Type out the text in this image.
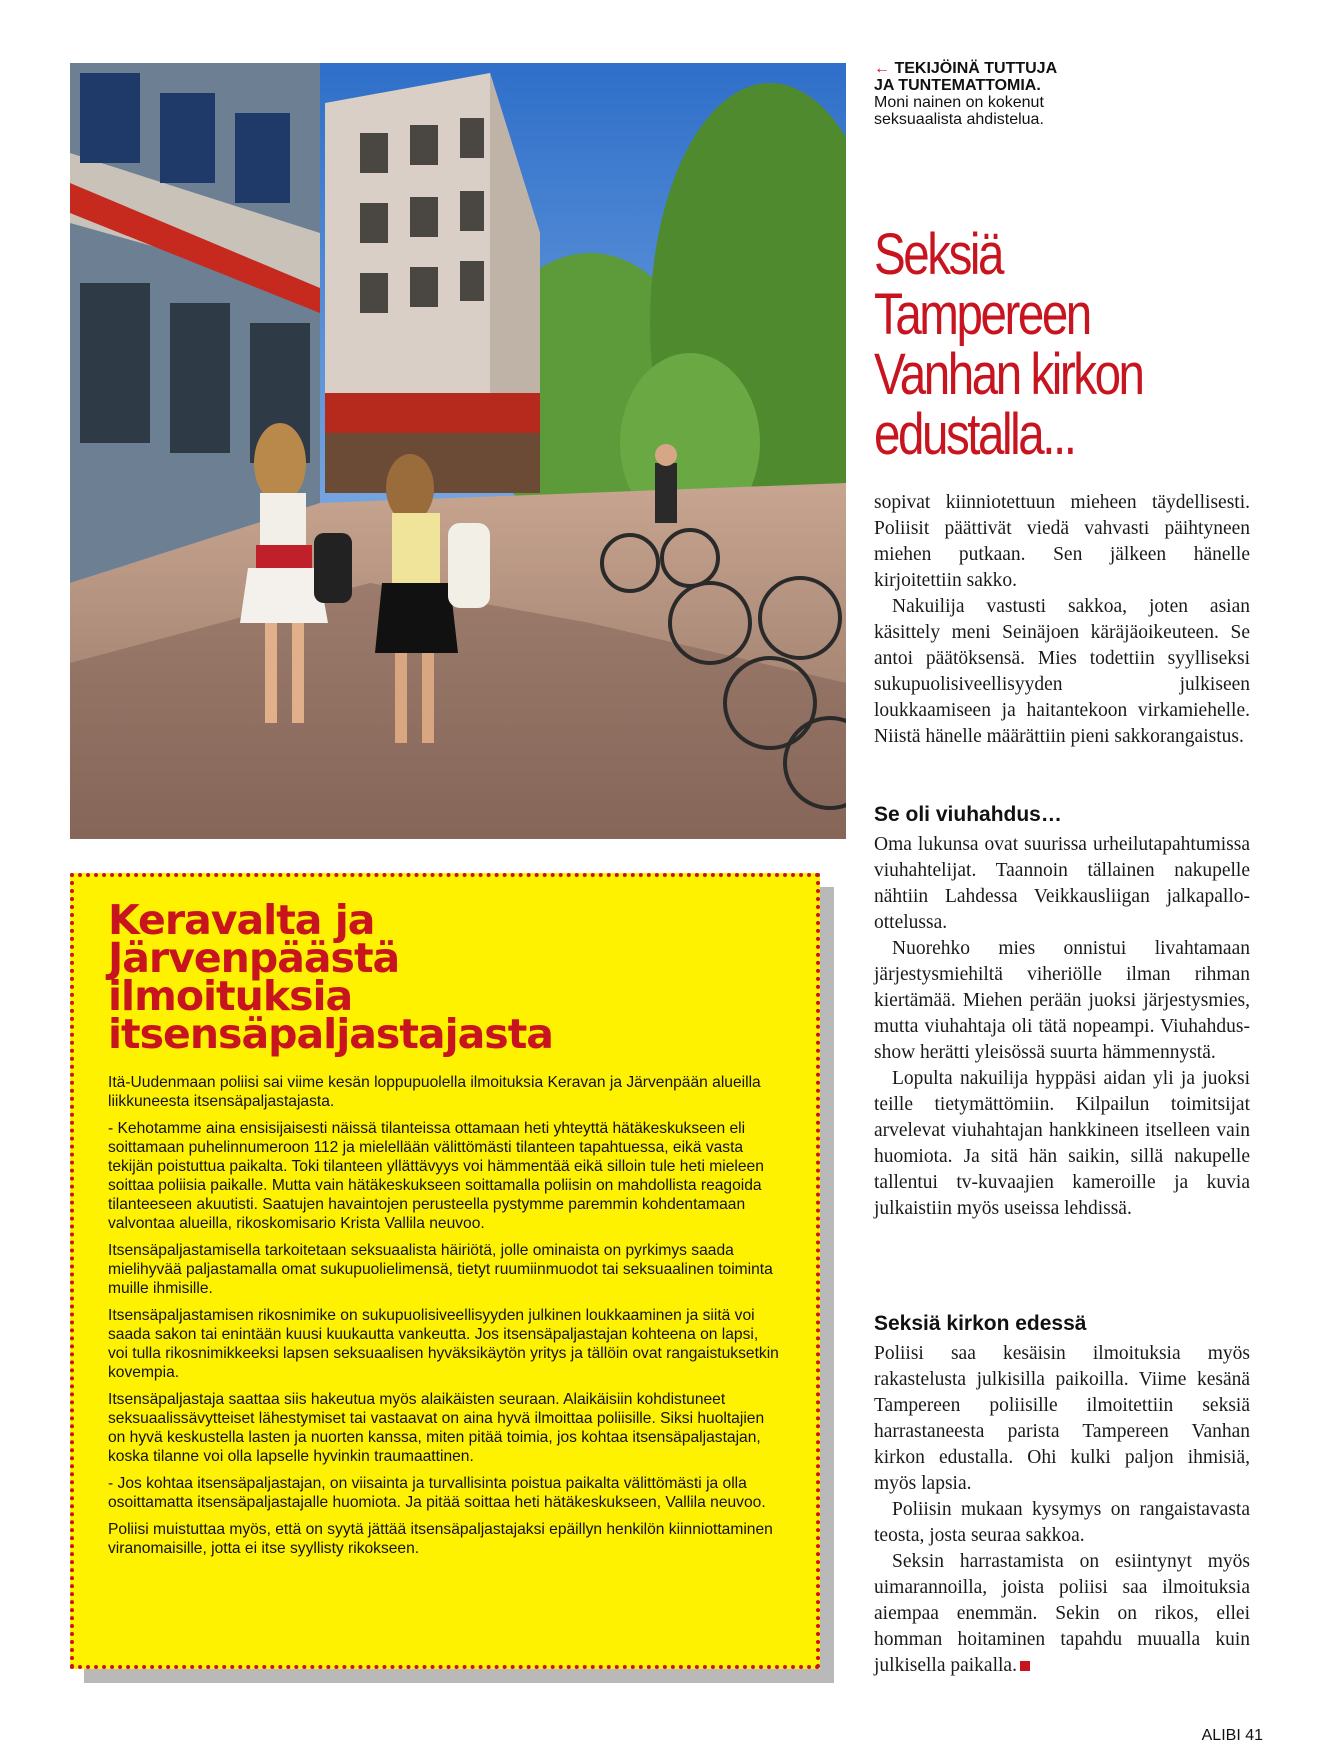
← TEKIJÖINÄ TUTTUJA
JA TUNTEMATTOMIA.
Moni nainen on kokenut
seksuaalista ahdistelua.
Seksiä
Tampereen
Vanhan kirkon
edustalla...

sopivat kiinniotettuun mieheen täydellisesti. Poliisit päättivät viedä vahvasti päihtyneen miehen putkaan. Sen jälkeen hänelle kirjoitettiin sakko.

Nakuilija vastusti sakkoa, joten asian käsittely meni Seinäjoen käräjäoikeuteen. Se antoi päätöksensä. Mies todettiin syylliseksi sukupuolisiveellisyyden julkiseen loukkaamiseen ja haitantekoon virkamiehelle. Niistä hänelle määrättiin pieni sakkorangaistus.

Se oli viuhahdus…

Oma lukunsa ovat suurissa urheilutapahtumissa viuhahtelijat. Taannoin tällainen nakupelle nähtiin Lahdessa Veikkausliigan jalkapallo-ottelussa.

Nuorehko mies onnistui livahtamaan järjestysmiehiltä viheriölle ilman rihman kiertämää. Miehen perään juoksi järjestysmies, mutta viuhahtaja oli tätä nopeampi. Viuhahdus-show herätti yleisössä suurta hämmennystä.

Lopulta nakuilija hyppäsi aidan yli ja juoksi teille tietymättömiin. Kilpailun toimitsijat arvelevat viuhahtajan hankkineen itselleen vain huomiota. Ja sitä hän saikin, sillä nakupelle tallentui tv-kuvaajien kameroille ja kuvia julkaistiin myös useissa lehdissä.

Seksiä kirkon edessä

Poliisi saa kesäisin ilmoituksia myös rakastelusta julkisilla paikoilla. Viime kesänä Tampereen poliisille ilmoitettiin seksiä harrastaneesta parista Tampereen Vanhan kirkon edustalla. Ohi kulki paljon ihmisiä, myös lapsia.

Poliisin mukaan kysymys on rangaistavasta teosta, josta seuraa sakkoa.

Seksin harrastamista on esiintynyt myös uimarannoilla, joista poliisi saa ilmoituksia aiempaa enemmän. Sekin on rikos, ellei homman hoitaminen tapahdu muualla kuin julkisella paikalla.

Keravalta ja
Järvenpäästä
ilmoituksia
itsensäpaljastajasta

Itä-Uudenmaan poliisi sai viime kesän loppupuolella ilmoituksia Keravan ja Järvenpään alueilla liikkuneesta itsensäpaljastajasta.

- Kehotamme aina ensisijaisesti näissä tilanteissa ottamaan heti yhteyttä hätäkeskukseen eli soittamaan puhelinnumeroon 112 ja mielellään välittömästi tilanteen tapahtuessa, eikä vasta tekijän poistuttua paikalta. Toki tilanteen yllättävyys voi hämmentää eikä silloin tule heti mieleen soittaa poliisia paikalle. Mutta vain hätäkeskukseen soittamalla poliisin on mahdollista reagoida tilanteeseen akuutisti. Saatujen havaintojen perusteella pystymme paremmin kohdentamaan valvontaa alueilla, rikoskomisario Krista Vallila neuvoo.

Itsensäpaljastamisella tarkoitetaan seksuaalista häiriötä, jolle ominaista on pyrkimys saada mielihyvää paljastamalla omat sukupuolielimensä, tietyt ruumiinmuodot tai seksuaalinen toiminta muille ihmisille.

Itsensäpaljastamisen rikosnimike on sukupuolisiveellisyyden julkinen loukkaaminen ja siitä voi saada sakon tai enintään kuusi kuukautta vankeutta. Jos itsensäpaljastajan kohteena on lapsi, voi tulla rikosnimikkeeksi lapsen seksuaalisen hyväksikäytön yritys ja tällöin ovat rangaistuksetkin kovempia.

Itsensäpaljastaja saattaa siis hakeutua myös alaikäisten seuraan. Alaikäisiin kohdistuneet seksuaalissävytteiset lähestymiset tai vastaavat on aina hyvä ilmoittaa poliisille. Siksi huoltajien on hyvä keskustella lasten ja nuorten kanssa, miten pitää toimia, jos kohtaa itsensäpaljastajan, koska tilanne voi olla lapselle hyvinkin traumaattinen.

- Jos kohtaa itsensäpaljastajan, on viisainta ja turvallisinta poistua paikalta välittömästi ja olla osoittamatta itsensäpaljastajalle huomiota. Ja pitää soittaa heti hätäkeskukseen, Vallila neuvoo.

Poliisi muistuttaa myös, että on syytä jättää itsensäpaljastajaksi epäillyn henkilön kiinniottaminen viranomaisille, jotta ei itse syyllisty rikokseen.

ALIBI 41
